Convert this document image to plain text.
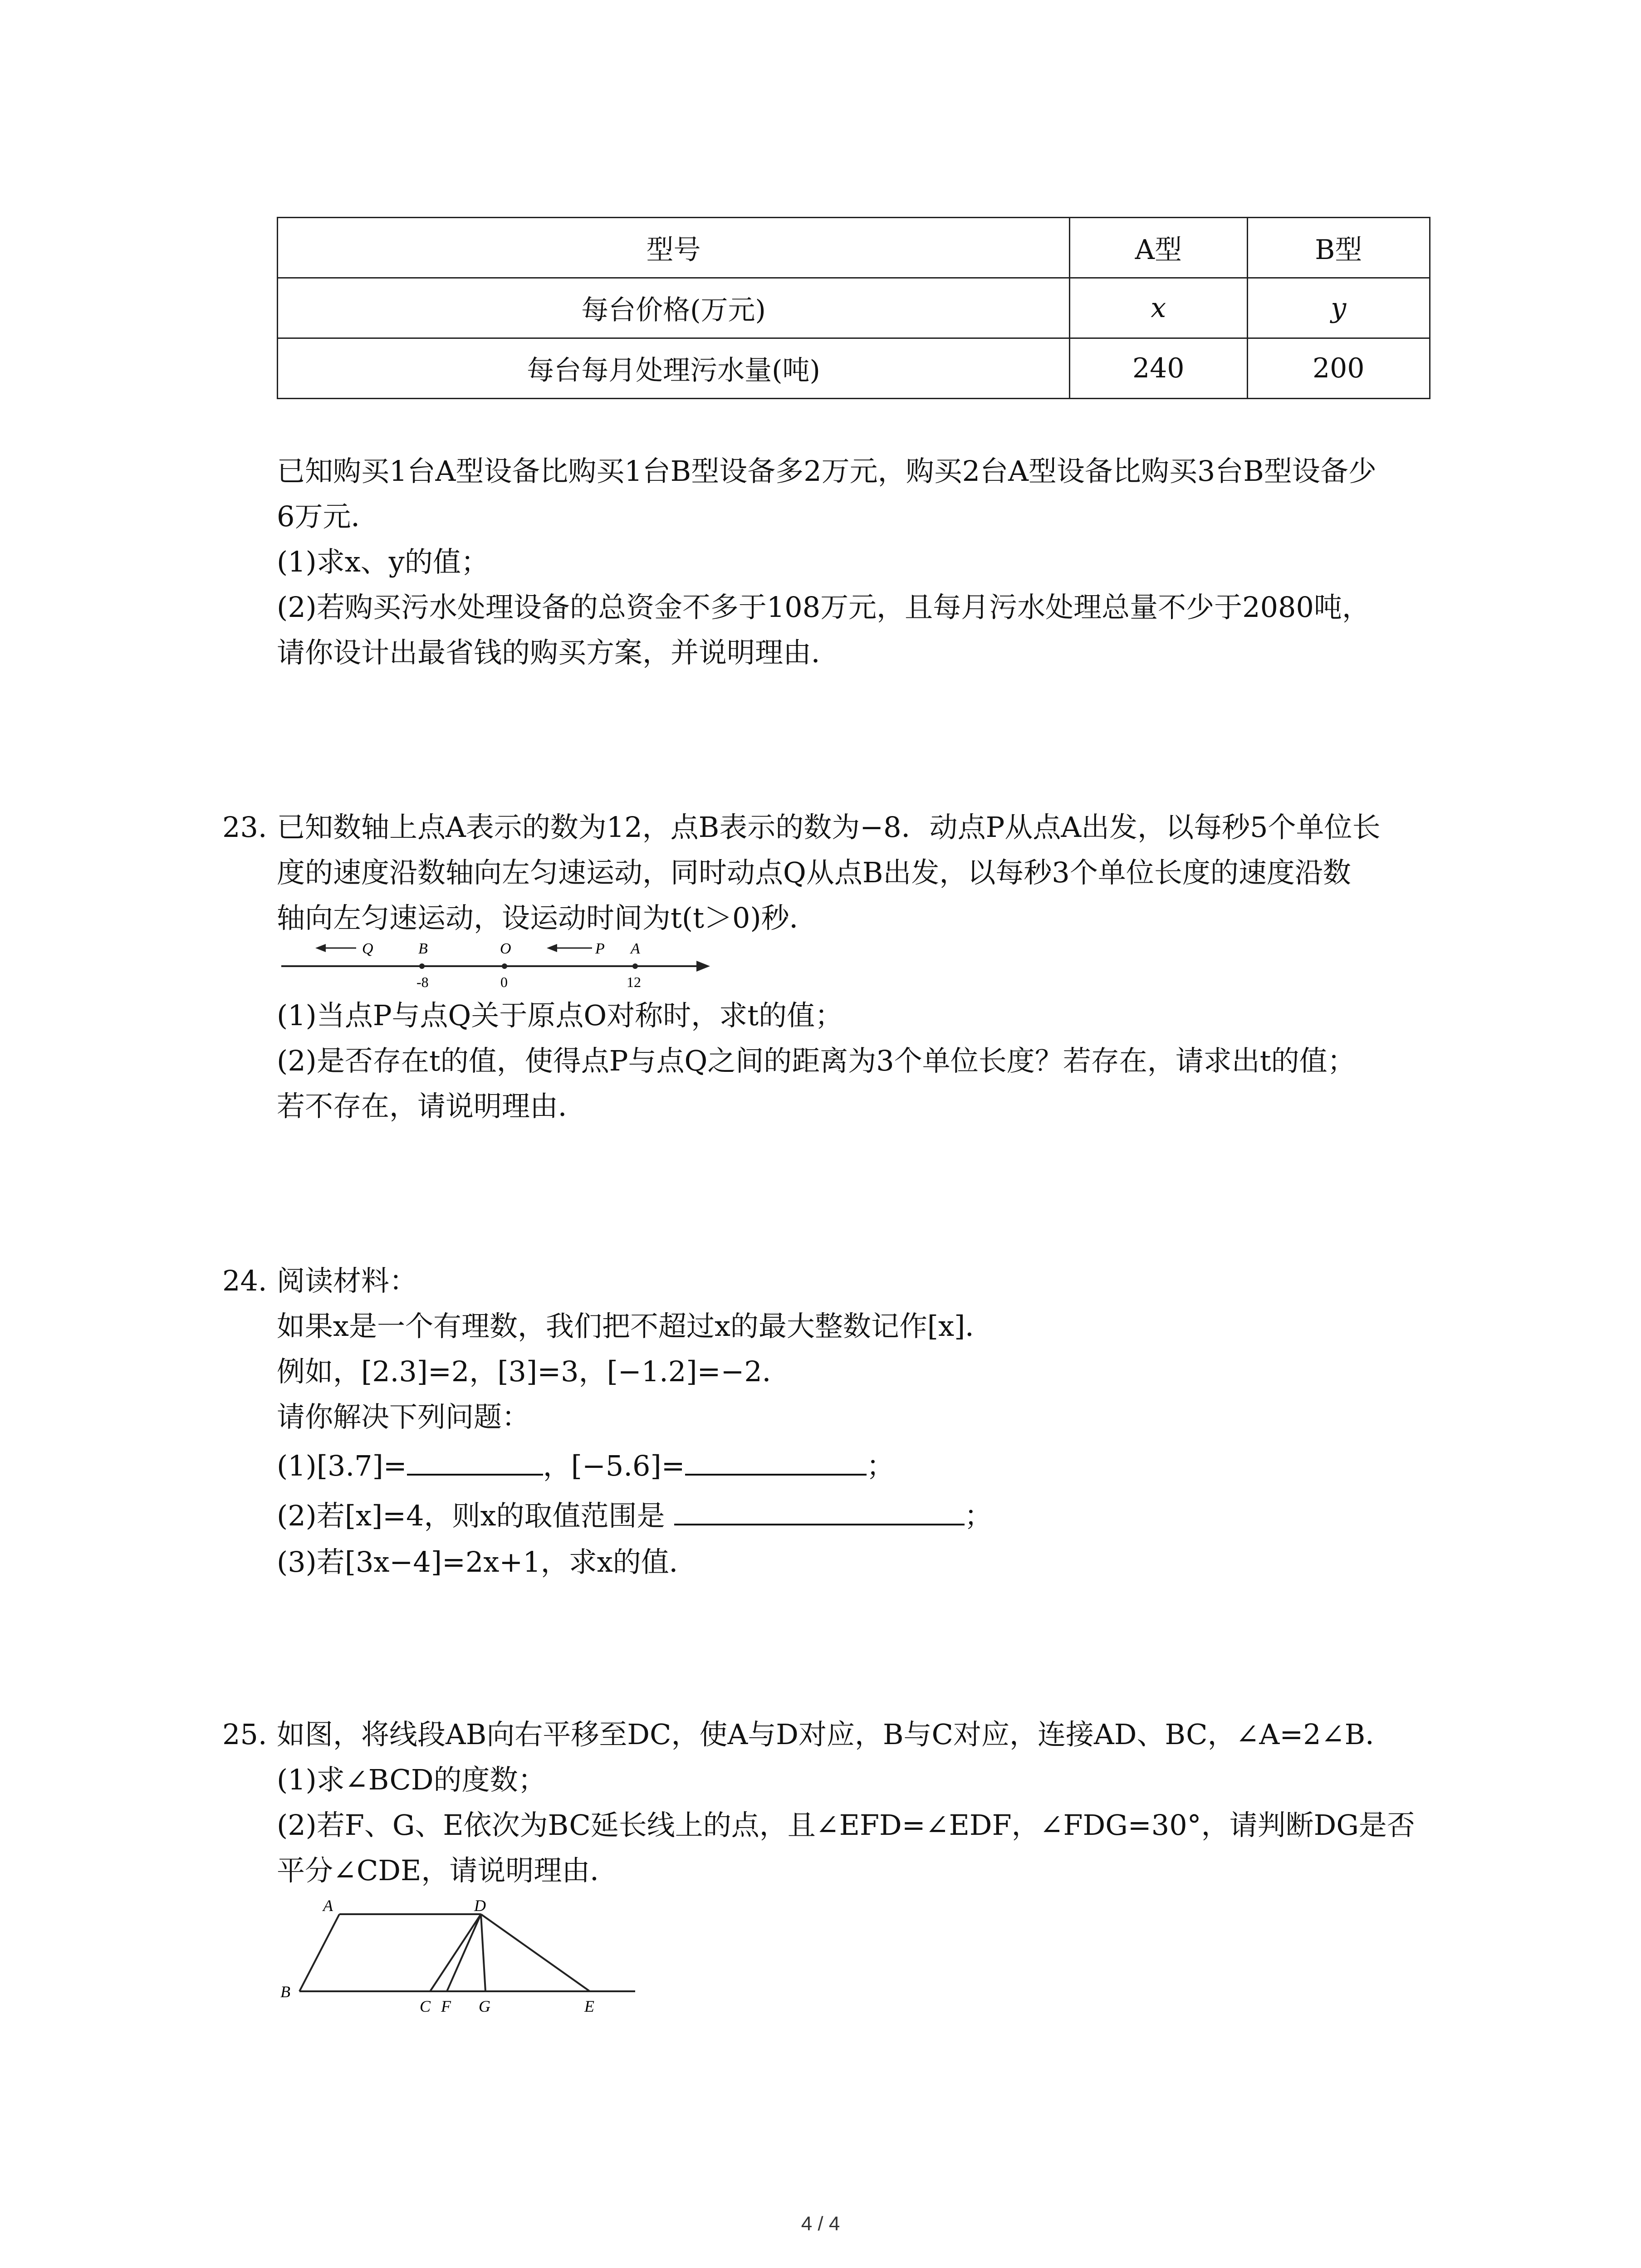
型号	A型	B型
每台价格(万元)	x	y
每台每月处理污水量(吨)	240	200
已知购买1台A型设备比购买1台B型设备多2万元，购买2台A型设备比购买3台B型设备少
6万元．
(1)求x、y的值；
(2)若购买污水处理设备的总资金不多于108万元，且每月污水处理总量不少于2080吨，
请你设计出最省钱的购买方案，并说明理由．
23. 已知数轴上点A表示的数为12，点B表示的数为−8．动点P从点A出发，以每秒5个单位长
度的速度沿数轴向左匀速运动，同时动点Q从点B出发，以每秒3个单位长度的速度沿数
轴向左匀速运动，设运动时间为t(t＞0)秒．
Q	B	O	P A
-8	0	12
(1)当点P与点Q关于原点O对称时，求t的值；
(2)是否存在t的值，使得点P与点Q之间的距离为3个单位长度？若存在，请求出t的值；
若不存在，请说明理由．
24. 阅读材料：
如果x是一个有理数，我们把不超过x的最大整数记作[x]．
例如，[2.3]=2，[3]=3，[−1.2]=−2．
请你解决下列问题：
(1)[3.7]=	，[−5.6]=	；
(2)若[x]=4，则x的取值范围是	；
(3)若[3x−4]=2x+1，求x的值．
25. 如图，将线段AB向右平移至DC，使A与D对应，B与C对应，连接AD、BC，∠A=2∠B．
(1)求∠BCD的度数；
(2)若F、G、E依次为BC延长线上的点，且∠EFD=∠EDF，∠FDG=30°，请判断DG是否
平分∠CDE，请说明理由．
A	D
B
C F G	E
4 / 4
